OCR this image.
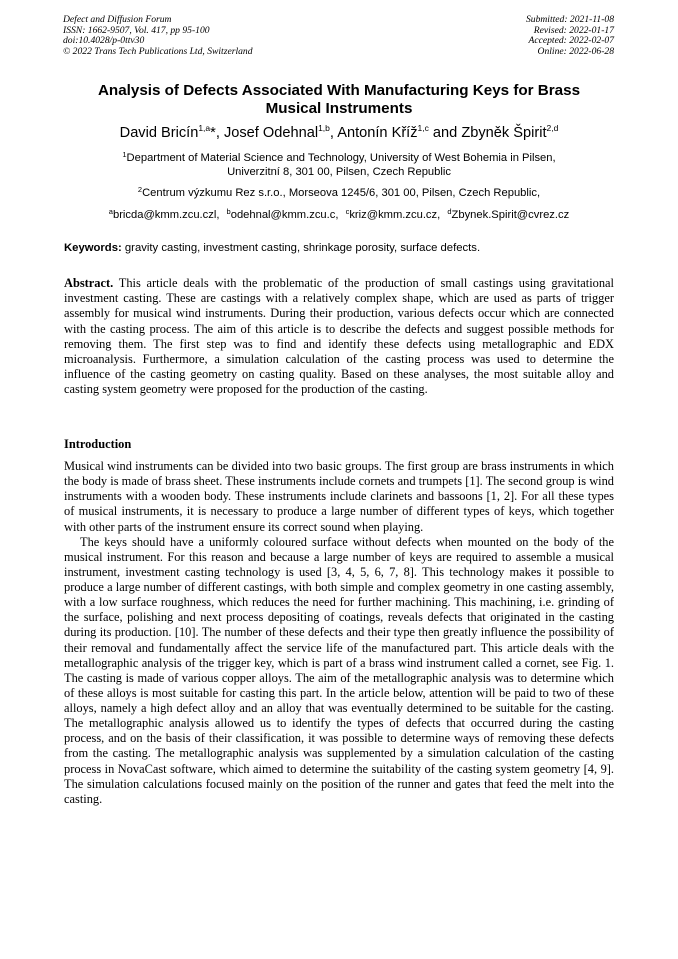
Defect and Diffusion Forum
ISSN: 1662-9507, Vol. 417, pp 95-100
doi:10.4028/p-0ttv30
© 2022 Trans Tech Publications Ltd, Switzerland
Submitted: 2021-11-08
Revised: 2022-01-17
Accepted: 2022-02-07
Online: 2022-06-28
Analysis of Defects Associated With Manufacturing Keys for Brass
Musical Instruments
David Bricín$^{1,a}$*, Josef Odehnal$^{1,b}$, Antonín Kříž$^{1,c}$ and Zbyněk Špirit$^{2,d}$
$^1$Department of Material Science and Technology, University of West Bohemia in Pilsen,
Univerzitní 8, 301 00, Pilsen, Czech Republic
$^2$Centrum výzkumu Rez s.r.o., Morseova 1245/6, 301 00, Pilsen, Czech Republic,
$^a$bricda@kmm.zcu.czl, $^b$odehnal@kmm.zcu.c, $^c$kriz@kmm.zcu.cz, $^d$Zbynek.Spirit@cvrez.cz
Keywords: gravity casting, investment casting, shrinkage porosity, surface defects.
Abstract. This article deals with the problematic of the production of small castings using gravitational investment casting. These are castings with a relatively complex shape, which are used as parts of trigger assembly for musical wind instruments. During their production, various defects occur which are connected with the casting process. The aim of this article is to describe the defects and suggest possible methods for removing them. The first step was to find and identify these defects using metallographic and EDX microanalysis. Furthermore, a simulation calculation of the casting process was used to determine the influence of the casting geometry on casting quality. Based on these analyses, the most suitable alloy and casting system geometry were proposed for the production of the casting.
Introduction

Musical wind instruments can be divided into two basic groups. The first group are brass instruments in which the body is made of brass sheet. These instruments include cornets and trumpets [1]. The second group is wind instruments with a wooden body. These instruments include clarinets and bassoons [1, 2]. For all these types of musical instruments, it is necessary to produce a large number of different types of keys, which together with other parts of the instrument ensure its correct sound when playing.

The keys should have a uniformly coloured surface without defects when mounted on the body of the musical instrument. For this reason and because a large number of keys are required to assemble a musical instrument, investment casting technology is used [3, 4, 5, 6, 7, 8]. This technology makes it possible to produce a large number of different castings, with both simple and complex geometry in one casting assembly, with a low surface roughness, which reduces the need for further machining. This machining, i.e. grinding of the surface, polishing and next process depositing of coatings, reveals defects that originated in the casting during its production. [10]. The number of these defects and their type then greatly influence the possibility of their removal and fundamentally affect the service life of the manufactured part. This article deals with the metallographic analysis of the trigger key, which is part of a brass wind instrument called a cornet, see Fig. 1. The casting is made of various copper alloys. The aim of the metallographic analysis was to determine which of these alloys is most suitable for casting this part. In the article below, attention will be paid to two of these alloys, namely a high defect alloy and an alloy that was eventually determined to be suitable for the casting. The metallographic analysis allowed us to identify the types of defects that occurred during the casting process, and on the basis of their classification, it was possible to determine ways of removing these defects from the casting. The metallographic analysis was supplemented by a simulation calculation of the casting process in NovaCast software, which aimed to determine the suitability of the casting system geometry [4, 9]. The simulation calculations focused mainly on the position of the runner and gates that feed the melt into the casting.
